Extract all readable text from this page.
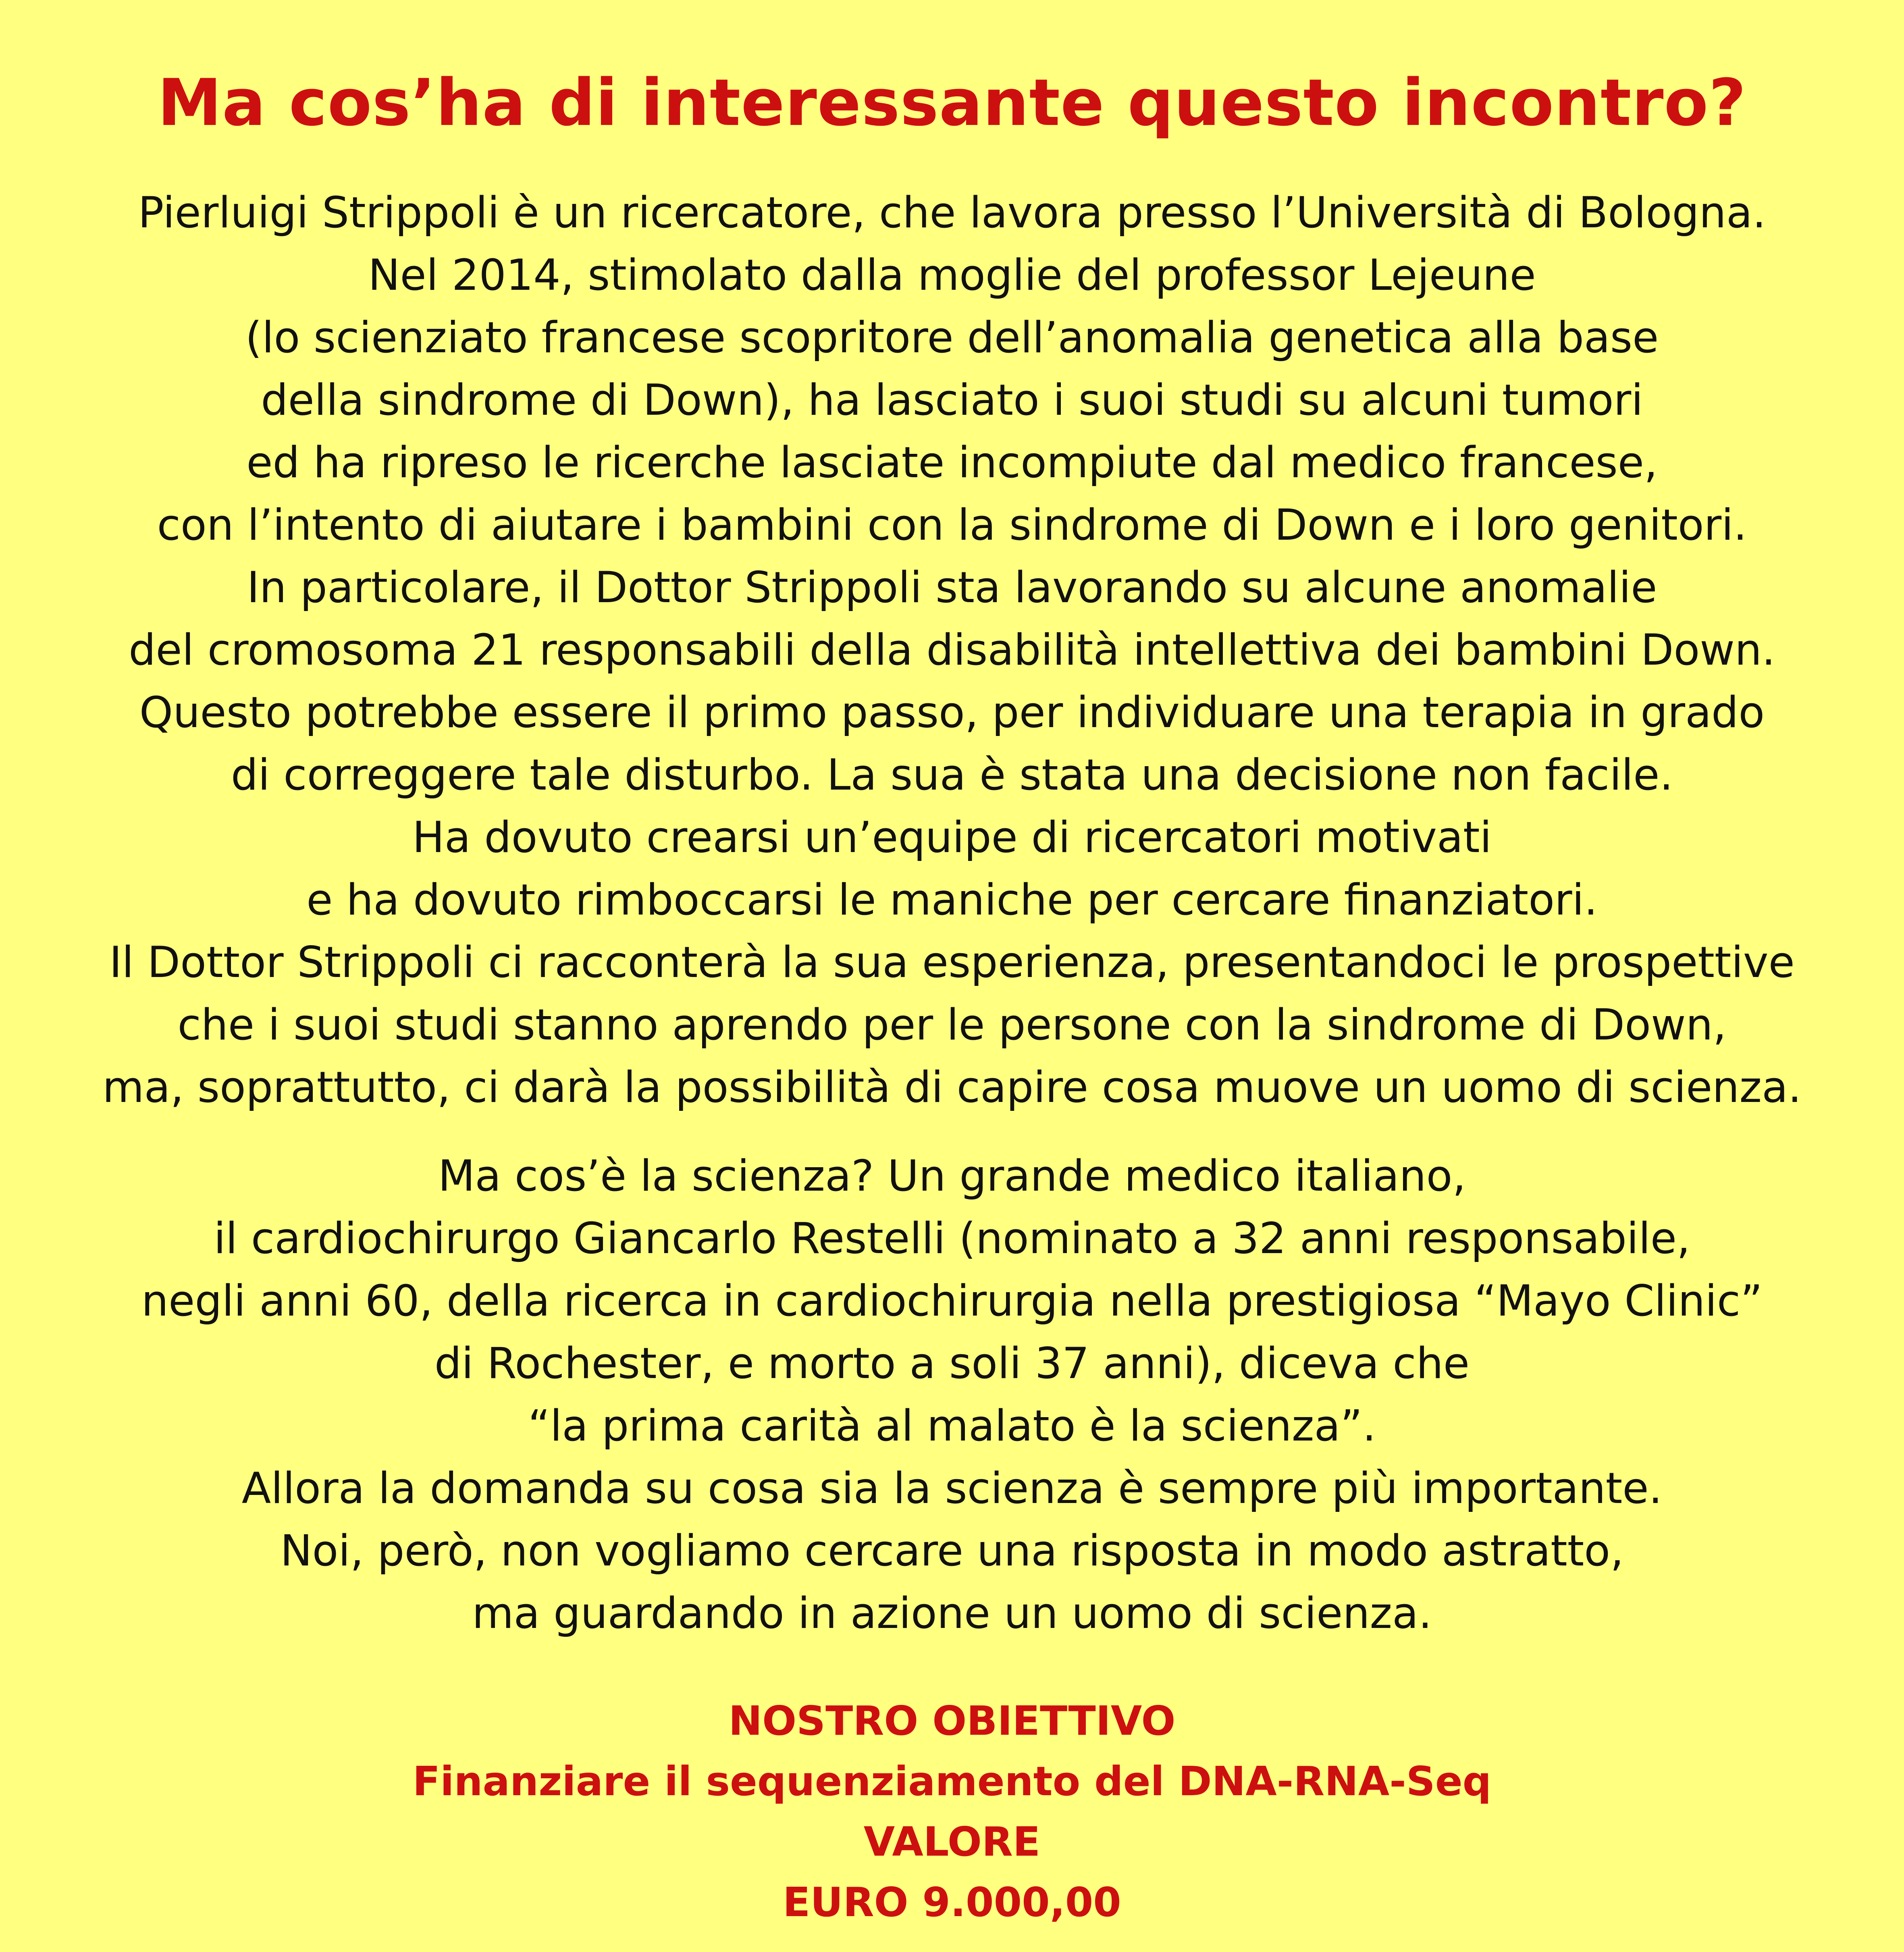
Ma cos’ha di interessante questo incontro?
Pierluigi Strippoli è un ricercatore, che lavora presso l’Università di Bologna.
Nel 2014, stimolato dalla moglie del professor Lejeune
(lo scienziato francese scopritore dell’anomalia genetica alla base
della sindrome di Down), ha lasciato i suoi studi su alcuni tumori
ed ha ripreso le ricerche lasciate incompiute dal medico francese,
con l’intento di aiutare i bambini con la sindrome di Down e i loro genitori.
In particolare, il Dottor Strippoli sta lavorando su alcune anomalie
del cromosoma 21 responsabili della disabilità intellettiva dei bambini Down.
Questo potrebbe essere il primo passo, per individuare una terapia in grado
di correggere tale disturbo. La sua è stata una decisione non facile.
Ha dovuto crearsi un’equipe di ricercatori motivati
e ha dovuto rimboccarsi le maniche per cercare finanziatori.
Il Dottor Strippoli ci racconterà la sua esperienza, presentandoci le prospettive
che i suoi studi stanno aprendo per le persone con la sindrome di Down,
ma, soprattutto, ci darà la possibilità di capire cosa muove un uomo di scienza.
Ma cos’è la scienza? Un grande medico italiano,
il cardiochirurgo Giancarlo Restelli (nominato a 32 anni responsabile,
negli anni 60, della ricerca in cardiochirurgia nella prestigiosa “Mayo Clinic”
di Rochester, e morto a soli 37 anni), diceva che
“la prima carità al malato è la scienza”.
Allora la domanda su cosa sia la scienza è sempre più importante.
Noi, però, non vogliamo cercare una risposta in modo astratto,
ma guardando in azione un uomo di scienza.
NOSTRO OBIETTIVO
Finanziare il sequenziamento del DNA-RNA-Seq
VALORE
EURO 9.000,00
